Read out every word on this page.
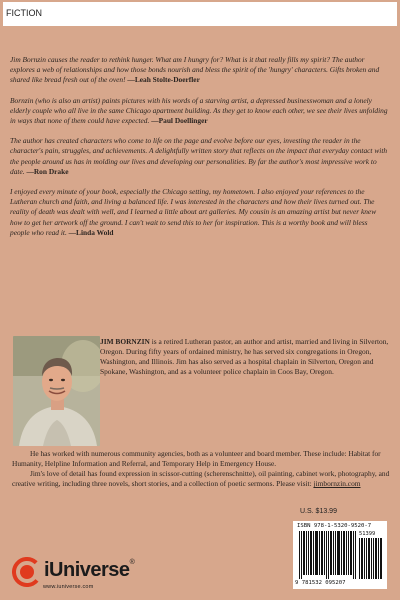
FICTION

Jim Bornzin causes the reader to rethink hunger. What am I hungry for? What is it that really fills my spirit? The author explores a web of relationships and how those bonds nourish and bless the spirit of the 'hungry' characters. Gifts broken and shared like bread fresh out of the oven! —Leah Stolte-Doerfler

Bornzin (who is also an artist) paints pictures with his words of a starving artist, a depressed businesswoman and a lonely elderly couple who all live in the same Chicago apartment building. As they get to know each other, we see their lives unfolding in ways that none of them could have expected. —Paul Doellinger

The author has created characters who come to life on the page and evolve before our eyes, investing the reader in the character's pain, struggles, and achievements. A delightfully written story that reflects on the impact that everyday contact with the people around us has in molding our lives and developing our personalities. By far the author's most impressive work to date. —Ron Drake

I enjoyed every minute of your book, especially the Chicago setting, my hometown. I also enjoyed your references to the Lutheran church and faith, and living a balanced life. I was interested in the characters and how their lives turned out. The reality of death was dealt with well, and I learned a little about art galleries. My cousin is an amazing artist but never knew how to get her artwork off the ground. I can't wait to send this to her for inspiration. This is a worthy book and will bless people who read it. —Linda Wold

JIM BORNZIN is a retired Lutheran pastor, an author and artist, married and living in Silverton, Oregon. During fifty years of ordained ministry, he has served six congregations in Oregon, Washington, and Illinois. Jim has also served as a hospital chaplain in Silverton, Oregon and Spokane, Washington, and as a volunteer police chaplain in Coos Bay, Oregon.

He has worked with numerous community agencies, both as a volunteer and board member. These include: Habitat for Humanity, Helpline Information and Referral, and Temporary Help in Emergency House.

Jim's love of detail has found expression in scissor-cutting (scherenschnitte), oil painting, cabinet work, photography, and creative writing, including three novels, short stories, and a collection of poetic sermons. Please visit: jimbornzin.com

U.S. $13.99
ISBN 978-1-5320-9520-7
51399
9 781532 095207
iUniverse®
www.iuniverse.com
